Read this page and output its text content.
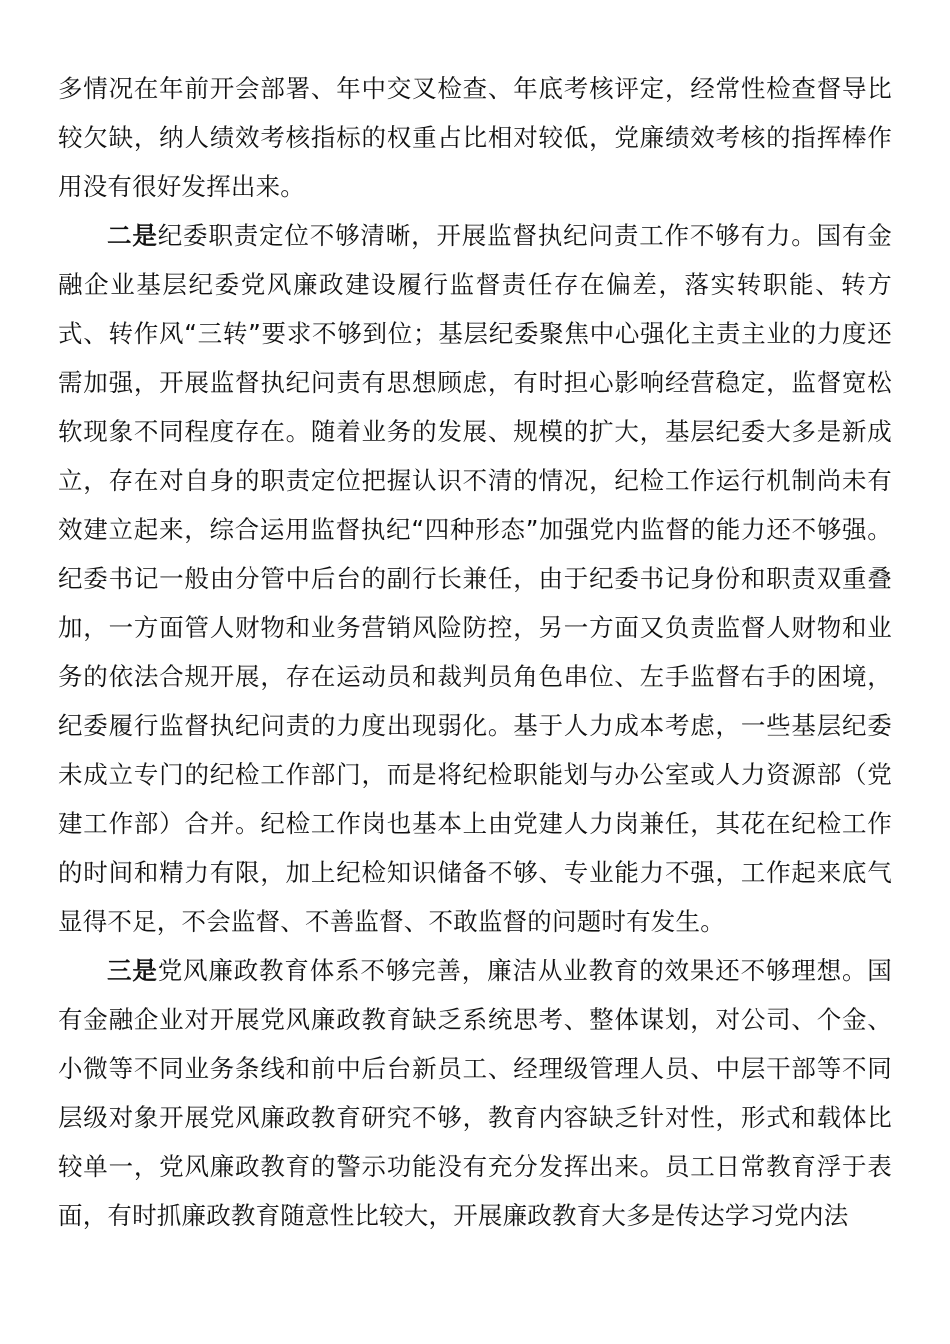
多情况在年前开会部署、年中交叉检查、年底考核评定，经常性检查督导比较欠缺，纳人绩效考核指标的权重占比相对较低，党廉绩效考核的指挥棒作用没有很好发挥出来。

二是纪委职责定位不够清晰，开展监督执纪问责工作不够有力。国有金融企业基层纪委党风廉政建设履行监督责任存在偏差，落实转职能、转方式、转作风“三转”要求不够到位；基层纪委聚焦中心强化主责主业的力度还需加强，开展监督执纪问责有思想顾虑，有时担心影响经营稳定，监督宽松软现象不同程度存在。随着业务的发展、规模的扩大，基层纪委大多是新成立，存在对自身的职责定位把握认识不清的情况，纪检工作运行机制尚未有效建立起来，综合运用监督执纪“四种形态”加强党内监督的能力还不够强。纪委书记一般由分管中后台的副行长兼任，由于纪委书记身份和职责双重叠加，一方面管人财物和业务营销风险防控，另一方面又负责监督人财物和业务的依法合规开展，存在运动员和裁判员角色串位、左手监督右手的困境，纪委履行监督执纪问责的力度出现弱化。基于人力成本考虑，一些基层纪委未成立专门的纪检工作部门，而是将纪检职能划与办公室或人力资源部（党建工作部）合并。纪检工作岗也基本上由党建人力岗兼任，其花在纪检工作的时间和精力有限，加上纪检知识储备不够、专业能力不强，工作起来底气显得不足，不会监督、不善监督、不敢监督的问题时有发生。

三是党风廉政教育体系不够完善，廉洁从业教育的效果还不够理想。国有金融企业对开展党风廉政教育缺乏系统思考、整体谋划，对公司、个金、小微等不同业务条线和前中后台新员工、经理级管理人员、中层干部等不同层级对象开展党风廉政教育研究不够，教育内容缺乏针对性，形式和载体比较单一，党风廉政教育的警示功能没有充分发挥出来。员工日常教育浮于表面，有时抓廉政教育随意性比较大，开展廉政教育大多是传达学习党内法
